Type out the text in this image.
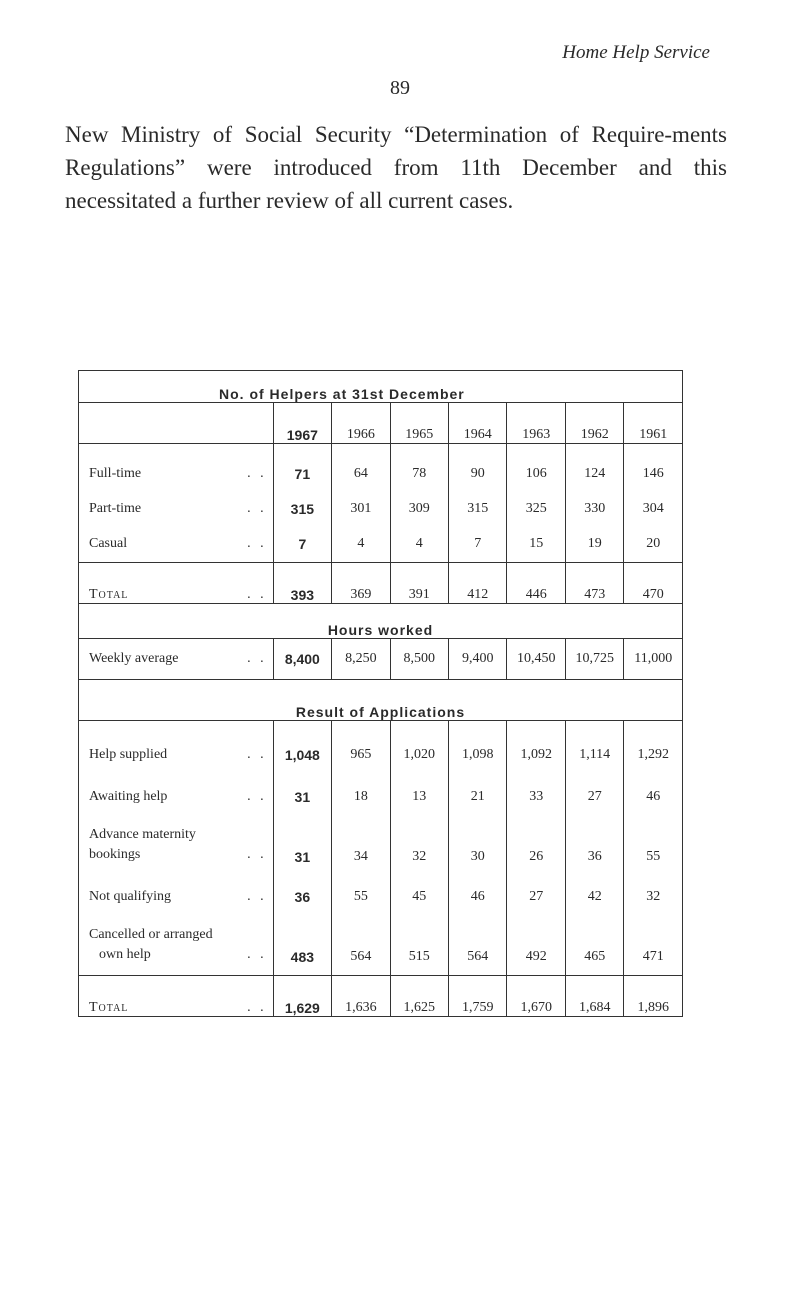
Home Help Service
89
New Ministry of Social Security “Determination of Require-ments Regulations” were introduced from 11th December and this necessitated a further review of all current cases.
No. of Helpers at 31st December							
	1967	1966	1965	1964	1963	1962	1961
Full-time . .	71	64	78	90	106	124	146
Part-time . .	315	301	309	315	325	330	304
Casual . .	7	4	4	7	15	19	20

Total . .	393	369	391	412	446	473	470
Hours worked							
Weekly average . .	8,400	8,250	8,500	9,400	10,450	10,725	11,000
Result of Applications							
Help supplied . .	1,048	965	1,020	1,098	1,092	1,114	1,292
Awaiting help . .	31	18	13	21	33	27	46
Advance maternity
bookings . .	31	34	32	30	26	36	55
Not qualifying . .	36	55	45	46	27	42	32
Cancelled or arranged
own help . .	483	564	515	564	492	465	471

Total . .	1,629	1,636	1,625	1,759	1,670	1,684	1,896
